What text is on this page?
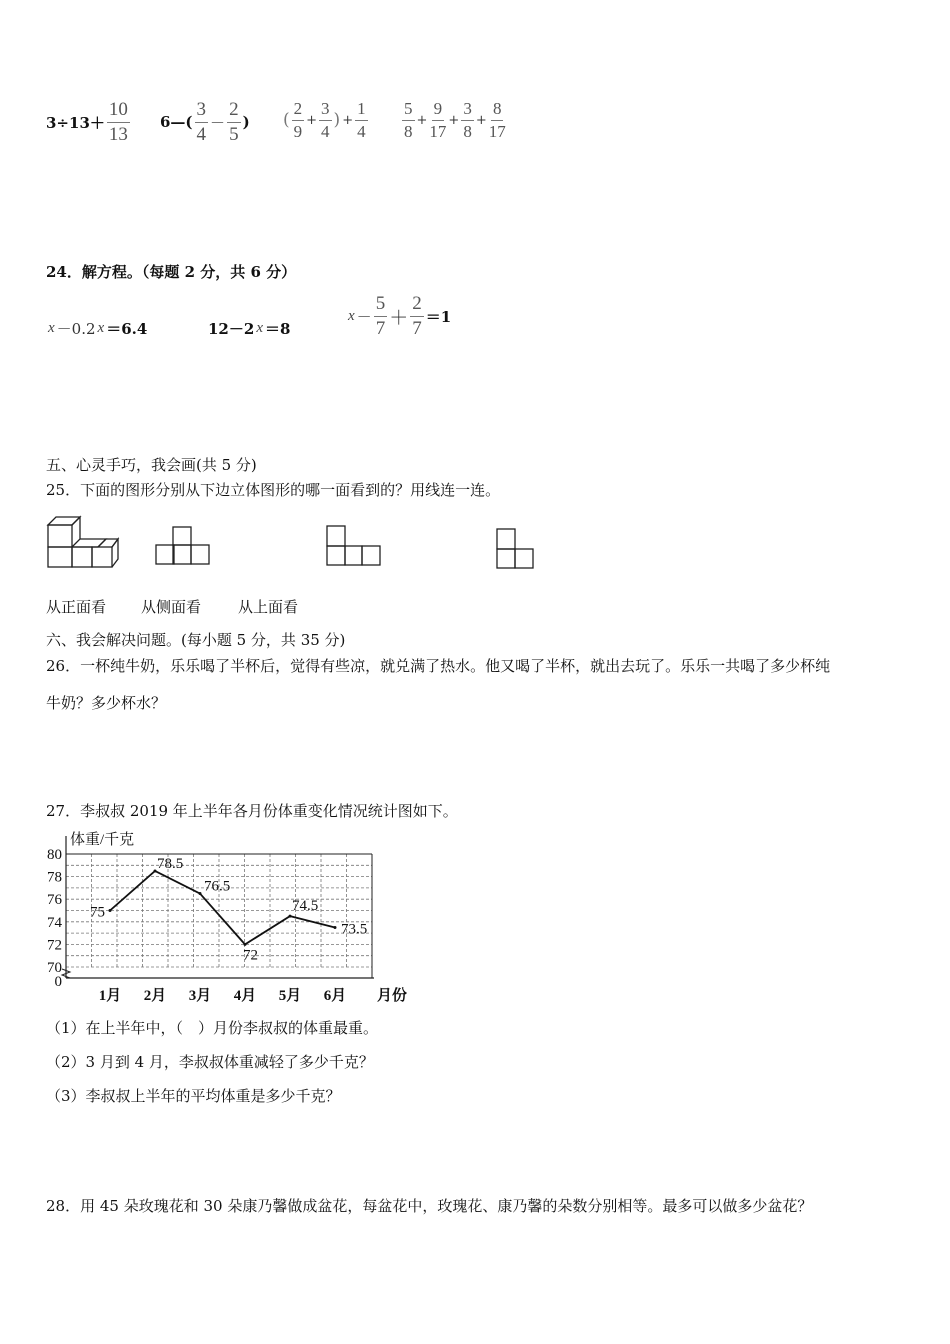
$3\div 13+ \frac{10}{13}$ 6—( $\frac{3}{4} - \frac{2}{5}$ ) ( $\frac{2}{9} + \frac{3}{4}$ ) + $\frac{1}{4} \frac{5}{8} + \frac{9}{17} + \frac{3}{8} + \frac{8}{17}$
24．解方程。（每题 2 分，共 6 分）
x －0.2 x ＝6.4	12－2 x ＝8
$x - \frac{5}{7} + \frac{2}{7} =1$
五、心灵手巧，我会画(共 5 分)
25．下面的图形分别从下边立体图形的哪一面看到的？用线连一连。
从正面看 从侧面看 从上面看
六、我会解决问题。(每小题 5 分，共 35 分)
26．一杯纯牛奶，乐乐喝了半杯后，觉得有些凉，就兑满了热水。他又喝了半杯，就出去玩了。乐乐一共喝了多少杯纯
牛奶？多少杯水？
27．李叔叔 2019 年上半年各月份体重变化情况统计图如下。
体重/千克
80
78
76
74
72
70
0
1月 2月 3月 4月 5月 6月 月份
75
78.5
76.5
72
74.5
73.5
（1）在上半年中，（　）月份李叔叔的体重最重。
（2）3 月到 4 月，李叔叔体重减轻了多少千克？
（3）李叔叔上半年的平均体重是多少千克？
28．用 45 朵玫瑰花和 30 朵康乃馨做成盆花，每盆花中，玫瑰花、康乃馨的朵数分别相等。最多可以做多少盆花？
